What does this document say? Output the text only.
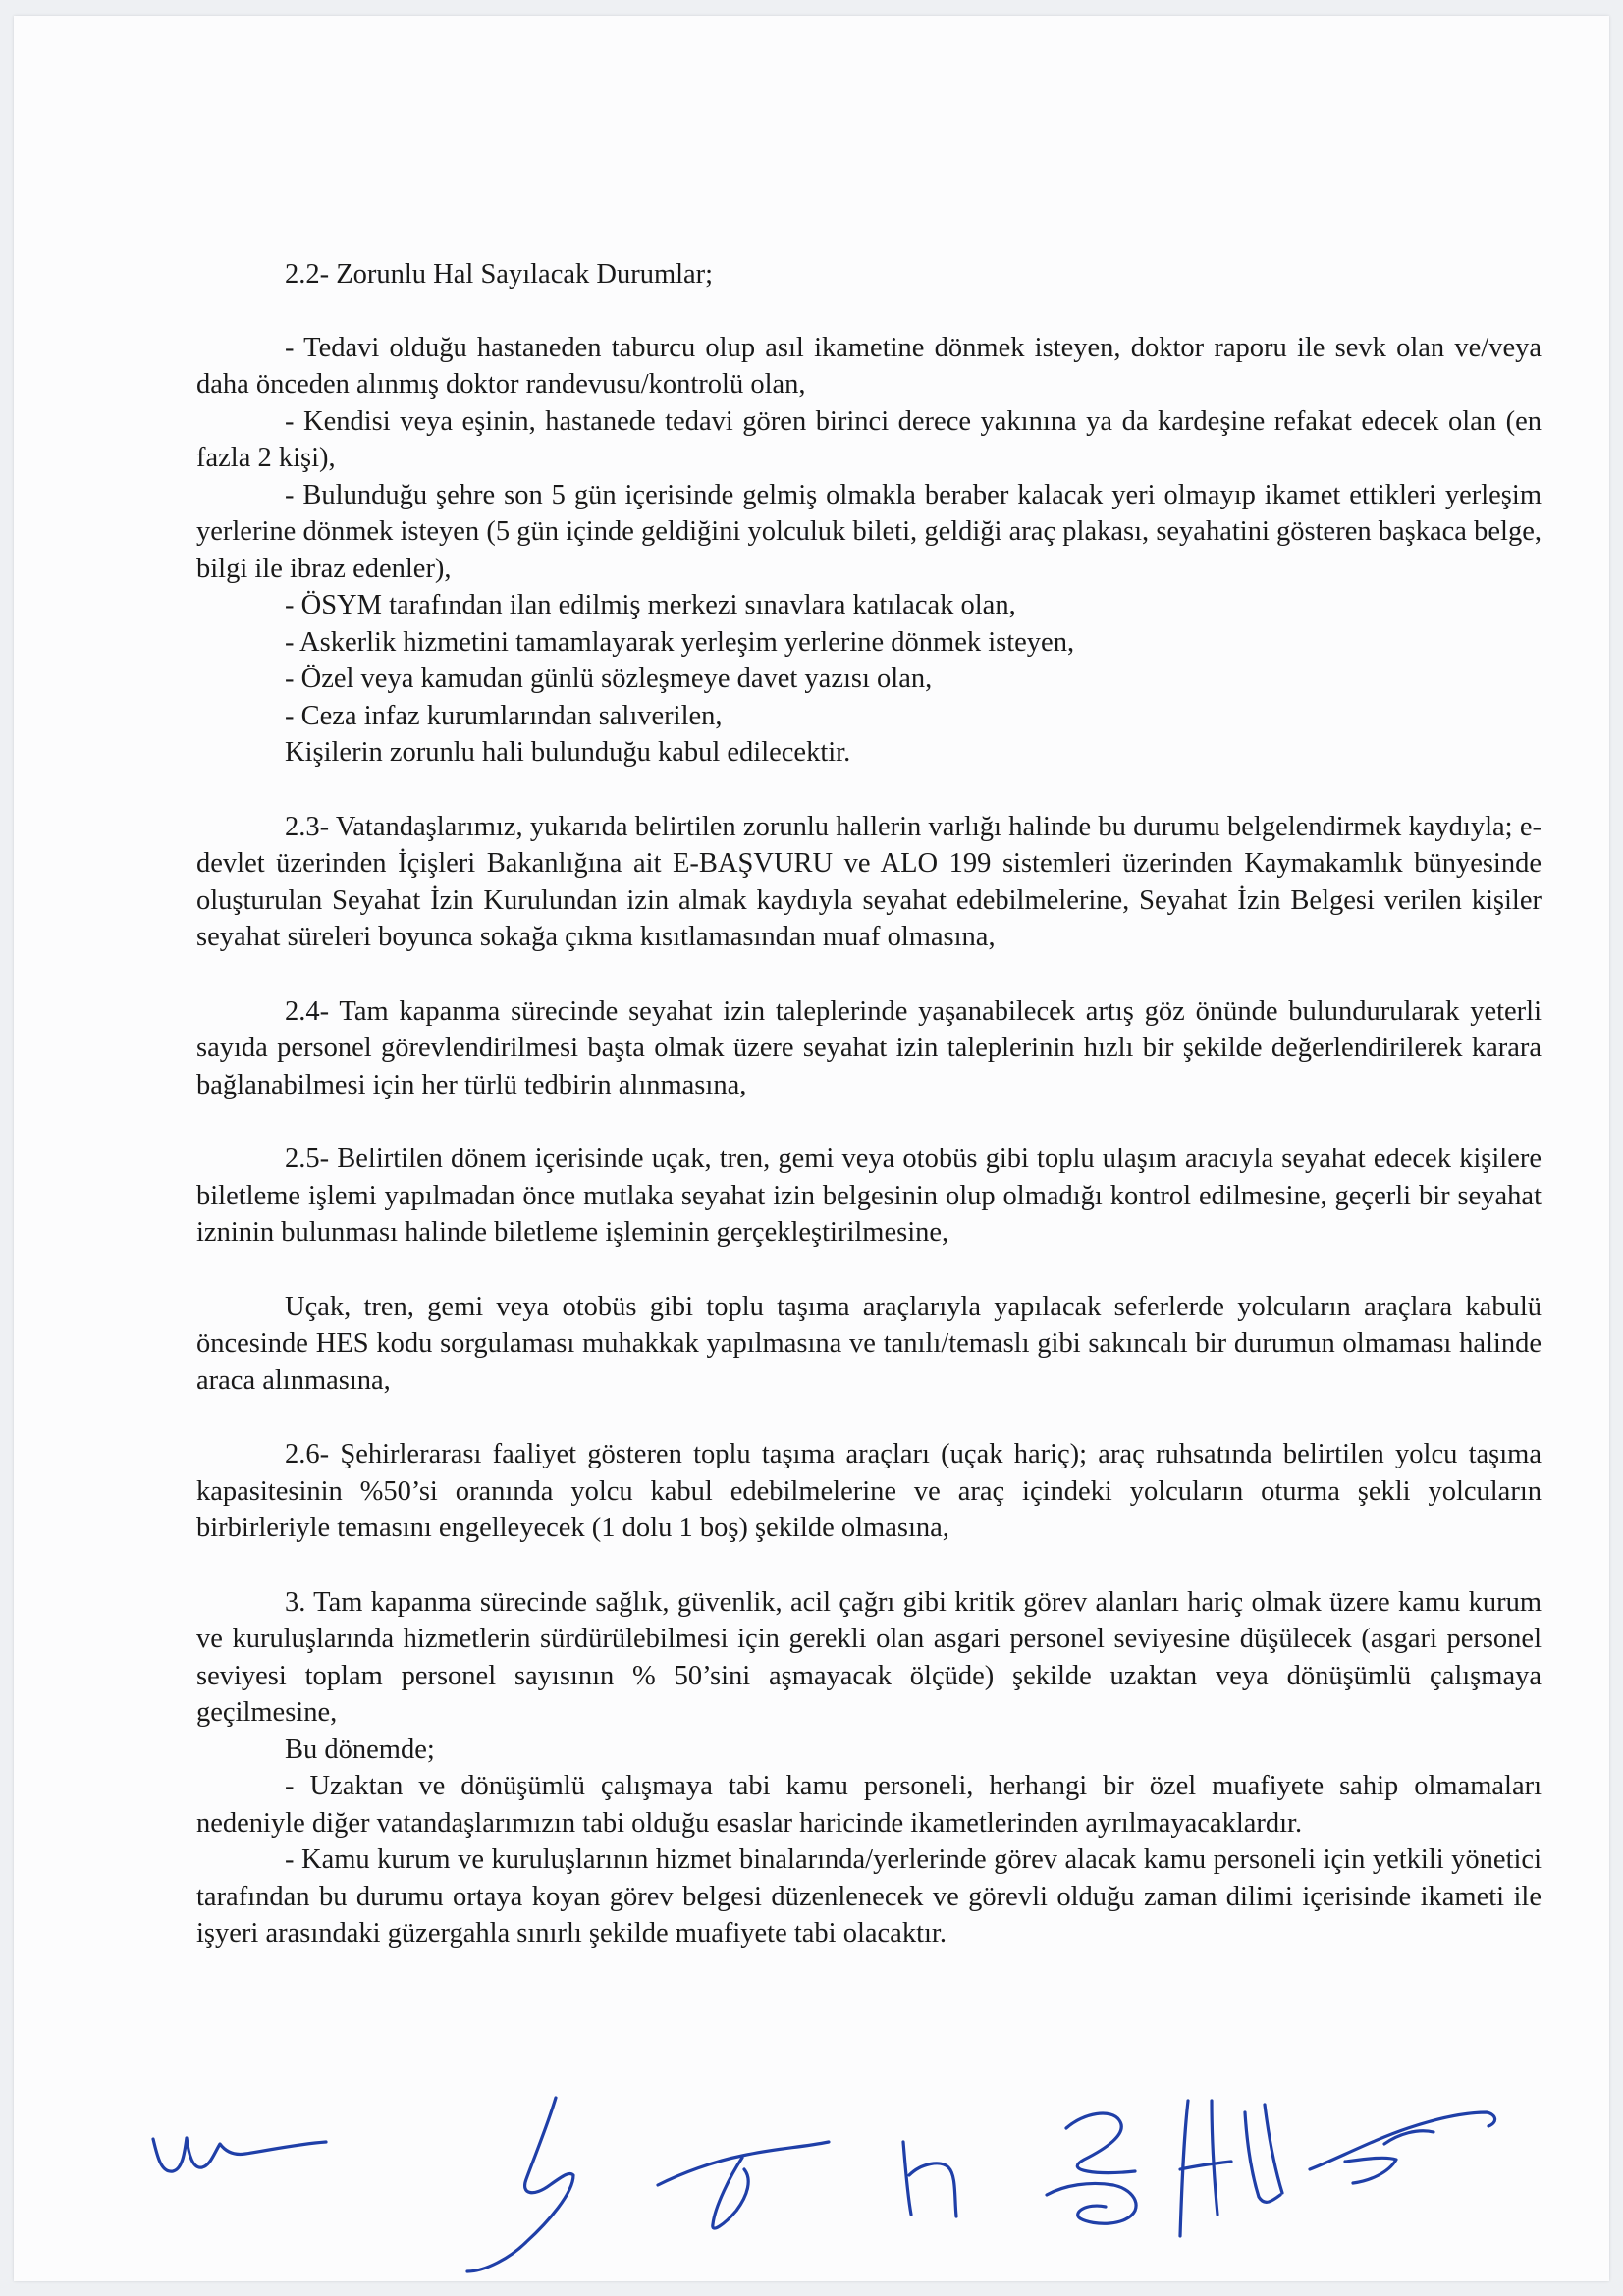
2.2- Zorunlu Hal Sayılacak Durumlar;

- Tedavi olduğu hastaneden taburcu olup asıl ikametine dönmek isteyen, doktor raporu ile sevk olan ve/veya daha önceden alınmış doktor randevusu/kontrolü olan,

- Kendisi veya eşinin, hastanede tedavi gören birinci derece yakınına ya da kardeşine refakat edecek olan (en fazla 2 kişi),

- Bulunduğu şehre son 5 gün içerisinde gelmiş olmakla beraber kalacak yeri olmayıp ikamet ettikleri yerleşim yerlerine dönmek isteyen (5 gün içinde geldiğini yolculuk bileti, geldiği araç plakası, seyahatini gösteren başkaca belge, bilgi ile ibraz edenler),

- ÖSYM tarafından ilan edilmiş merkezi sınavlara katılacak olan,

- Askerlik hizmetini tamamlayarak yerleşim yerlerine dönmek isteyen,

- Özel veya kamudan günlü sözleşmeye davet yazısı olan,

- Ceza infaz kurumlarından salıverilen,

Kişilerin zorunlu hali bulunduğu kabul edilecektir.

2.3- Vatandaşlarımız, yukarıda belirtilen zorunlu hallerin varlığı halinde bu durumu belgelendirmek kaydıyla; e-devlet üzerinden İçişleri Bakanlığına ait E-BAŞVURU ve ALO 199 sistemleri üzerinden Kaymakamlık bünyesinde oluşturulan Seyahat İzin Kurulundan izin almak kaydıyla seyahat edebilmelerine, Seyahat İzin Belgesi verilen kişiler seyahat süreleri boyunca sokağa çıkma kısıtlamasından muaf olmasına,

2.4- Tam kapanma sürecinde seyahat izin taleplerinde yaşanabilecek artış göz önünde bulundurularak yeterli sayıda personel görevlendirilmesi başta olmak üzere seyahat izin taleplerinin hızlı bir şekilde değerlendirilerek karara bağlanabilmesi için her türlü tedbirin alınmasına,

2.5- Belirtilen dönem içerisinde uçak, tren, gemi veya otobüs gibi toplu ulaşım aracıyla seyahat edecek kişilere biletleme işlemi yapılmadan önce mutlaka seyahat izin belgesinin olup olmadığı kontrol edilmesine, geçerli bir seyahat izninin bulunması halinde biletleme işleminin gerçekleştirilmesine,

Uçak, tren, gemi veya otobüs gibi toplu taşıma araçlarıyla yapılacak seferlerde yolcuların araçlara kabulü öncesinde HES kodu sorgulaması muhakkak yapılmasına ve tanılı/temaslı gibi sakıncalı bir durumun olmaması halinde araca alınmasına,

2.6- Şehirlerarası faaliyet gösteren toplu taşıma araçları (uçak hariç); araç ruhsatında belirtilen yolcu taşıma kapasitesinin %50’si oranında yolcu kabul edebilmelerine ve araç içindeki yolcuların oturma şekli yolcuların birbirleriyle temasını engelleyecek (1 dolu 1 boş) şekilde olmasına,

3. Tam kapanma sürecinde sağlık, güvenlik, acil çağrı gibi kritik görev alanları hariç olmak üzere kamu kurum ve kuruluşlarında hizmetlerin sürdürülebilmesi için gerekli olan asgari personel seviyesine düşülecek (asgari personel seviyesi toplam personel sayısının % 50’sini aşmayacak ölçüde) şekilde uzaktan veya dönüşümlü çalışmaya geçilmesine,

Bu dönemde;

- Uzaktan ve dönüşümlü çalışmaya tabi kamu personeli, herhangi bir özel muafiyete sahip olmamaları nedeniyle diğer vatandaşlarımızın tabi olduğu esaslar haricinde ikametlerinden ayrılmayacaklardır.

- Kamu kurum ve kuruluşlarının hizmet binalarında/yerlerinde görev alacak kamu personeli için yetkili yönetici tarafından bu durumu ortaya koyan görev belgesi düzenlenecek ve görevli olduğu zaman dilimi içerisinde ikameti ile işyeri arasındaki güzergahla sınırlı şekilde muafiyete tabi olacaktır.
